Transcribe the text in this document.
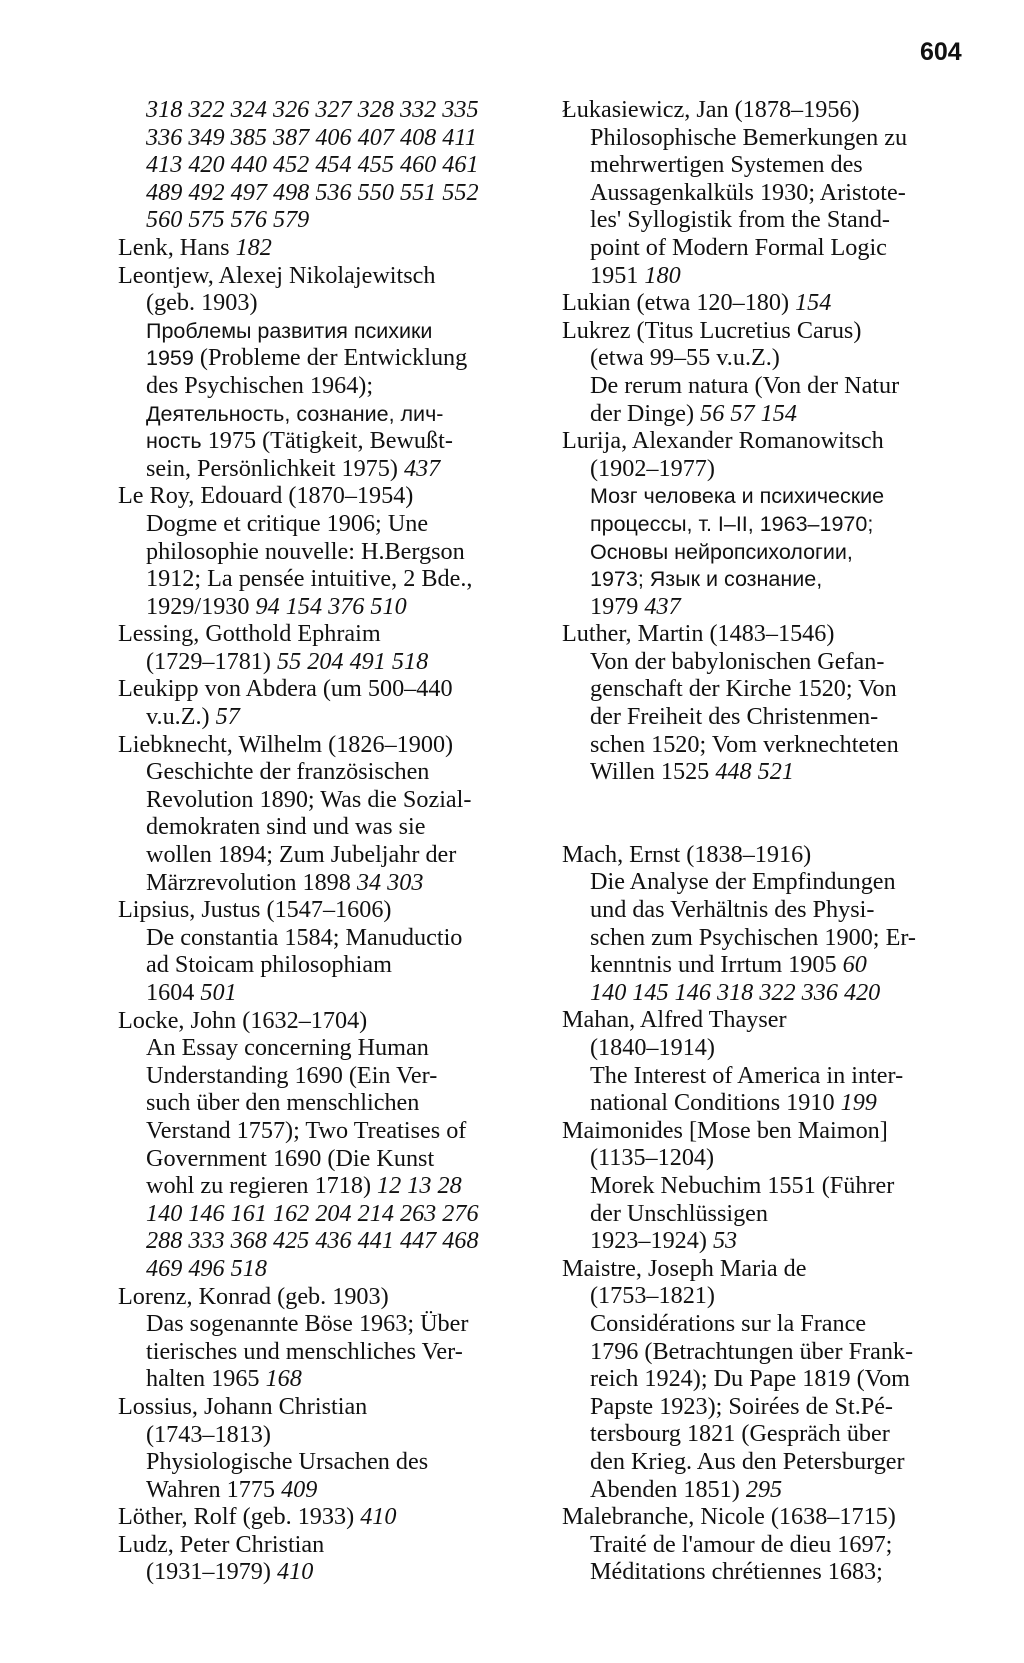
604
318 322 324 326 327 328 332 335
336 349 385 387 406 407 408 411
413 420 440 452 454 455 460 461
489 492 497 498 536 550 551 552
560 575 576 579
Lenk, Hans 182
Leontjew, Alexej Nikolajewitsch
(geb. 1903)
Проблемы развития психики
1959 (Probleme der Entwicklung
des Psychischen 1964);
Деятельность, сознание, лич-
ность 1975 (Tätigkeit, Bewußt-
sein, Persönlichkeit 1975) 437
Le Roy, Edouard (1870–1954)
Dogme et critique 1906; Une
philosophie nouvelle: H.Bergson
1912; La pensée intuitive, 2 Bde.,
1929/1930 94 154 376 510
Lessing, Gotthold Ephraim
(1729–1781) 55 204 491 518
Leukipp von Abdera (um 500–440
v.u.Z.) 57
Liebknecht, Wilhelm (1826–1900)
Geschichte der französischen
Revolution 1890; Was die Sozial-
demokraten sind und was sie
wollen 1894; Zum Jubeljahr der
Märzrevolution 1898 34 303
Lipsius, Justus (1547–1606)
De constantia 1584; Manuductio
ad Stoicam philosophiam
1604 501
Locke, John (1632–1704)
An Essay concerning Human
Understanding 1690 (Ein Ver-
such über den menschlichen
Verstand 1757); Two Treatises of
Government 1690 (Die Kunst
wohl zu regieren 1718) 12 13 28
140 146 161 162 204 214 263 276
288 333 368 425 436 441 447 468
469 496 518
Lorenz, Konrad (geb. 1903)
Das sogenannte Böse 1963; Über
tierisches und menschliches Ver-
halten 1965 168
Lossius, Johann Christian
(1743–1813)
Physiologische Ursachen des
Wahren 1775 409
Löther, Rolf (geb. 1933) 410
Ludz, Peter Christian
(1931–1979) 410
Łukasiewicz, Jan (1878–1956)
Philosophische Bemerkungen zu
mehrwertigen Systemen des
Aussagenkalküls 1930; Aristote-
les' Syllogistik from the Stand-
point of Modern Formal Logic
1951 180
Lukian (etwa 120–180) 154
Lukrez (Titus Lucretius Carus)
(etwa 99–55 v.u.Z.)
De rerum natura (Von der Natur
der Dinge) 56 57 154
Lurija, Alexander Romanowitsch
(1902–1977)
Мозг человека и психические
процессы, т. I–II, 1963–1970;
Основы нейропсихологии,
1973; Язык и сознание,
1979 437
Luther, Martin (1483–1546)
Von der babylonischen Gefan-
genschaft der Kirche 1520; Von
der Freiheit des Christenmen-
schen 1520; Vom verknechteten
Willen 1525 448 521
Mach, Ernst (1838–1916)
Die Analyse der Empfindungen
und das Verhältnis des Physi-
schen zum Psychischen 1900; Er-
kenntnis und Irrtum 1905 60
140 145 146 318 322 336 420
Mahan, Alfred Thayser
(1840–1914)
The Interest of America in inter-
national Conditions 1910 199
Maimonides [Mose ben Maimon]
(1135–1204)
Morek Nebuchim 1551 (Führer
der Unschlüssigen
1923–1924) 53
Maistre, Joseph Maria de
(1753–1821)
Considérations sur la France
1796 (Betrachtungen über Frank-
reich 1924); Du Pape 1819 (Vom
Papste 1923); Soirées de St.Pé-
tersbourg 1821 (Gespräch über
den Krieg. Aus den Petersburger
Abenden 1851) 295
Malebranche, Nicole (1638–1715)
Traité de l'amour de dieu 1697;
Méditations chrétiennes 1683;
